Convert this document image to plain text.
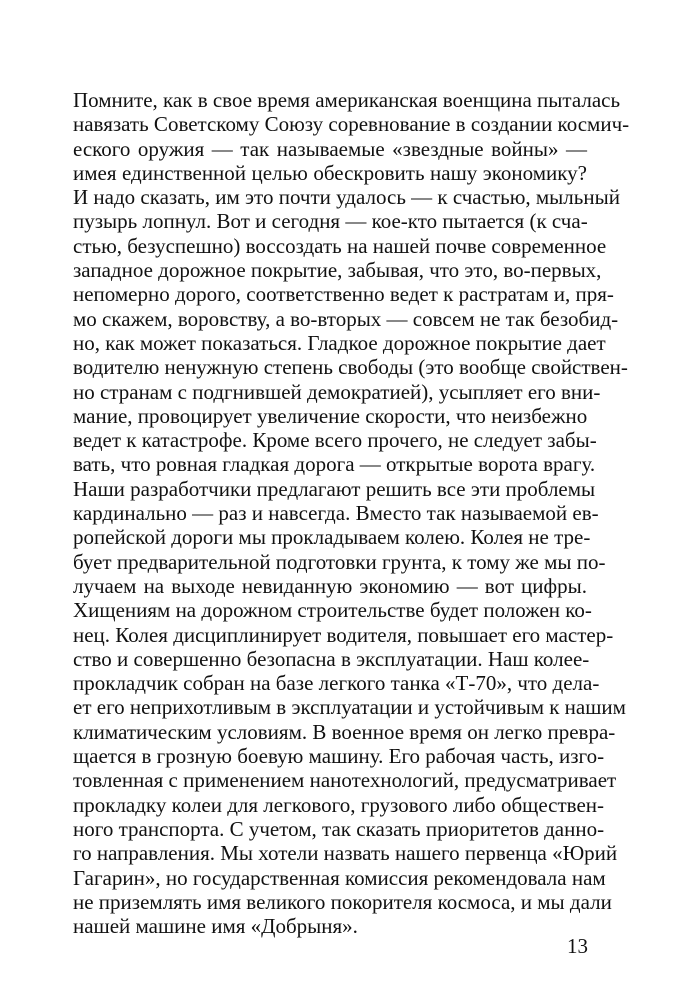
Помните, как в свое время американская военщина пыталась
навязать Советскому Союзу соревнование в создании космич-
еского оружия — так называемые «звездные войны» —
имея единственной целью обескровить нашу экономику?
И надо сказать, им это почти удалось — к счастью, мыльный
пузырь лопнул. Вот и сегодня — кое-кто пытается (к сча-
стью, безуспешно) воссоздать на нашей почве современное
западное дорожное покрытие, забывая, что это, во-первых,
непомерно дорого, соответственно ведет к растратам и, пря-
мо скажем, воровству, а во-вторых — совсем не так безобид-
но, как может показаться. Гладкое дорожное покрытие дает
водителю ненужную степень свободы (это вообще свойствен-
но странам с подгнившей демократией), усыпляет его вни-
мание, провоцирует увеличение скорости, что неизбежно
ведет к катастрофе. Кроме всего прочего, не следует забы-
вать, что ровная гладкая дорога — открытые ворота врагу.
Наши разработчики предлагают решить все эти проблемы
кардинально — раз и навсегда. Вместо так называемой ев-
ропейской дороги мы прокладываем колею. Колея не тре-
бует предварительной подготовки грунта, к тому же мы по-
лучаем на выходе невиданную экономию — вот цифры.
Хищениям на дорожном строительстве будет положен ко-
нец. Колея дисциплинирует водителя, повышает его мастер-
ство и совершенно безопасна в эксплуатации. Наш колее-
прокладчик собран на базе легкого танка «Т-70», что дела-
ет его неприхотливым в эксплуатации и устойчивым к нашим
климатическим условиям. В военное время он легко превра-
щается в грозную боевую машину. Его рабочая часть, изго-
товленная с применением нанотехнологий, предусматривает
прокладку колеи для легкового, грузового либо обществен-
ного транспорта. С учетом, так сказать приоритетов данно-
го направления. Мы хотели назвать нашего первенца «Юрий
Гагарин», но государственная комиссия рекомендовала нам
не приземлять имя великого покорителя космоса, и мы дали
нашей машине имя «Добрыня».
13
